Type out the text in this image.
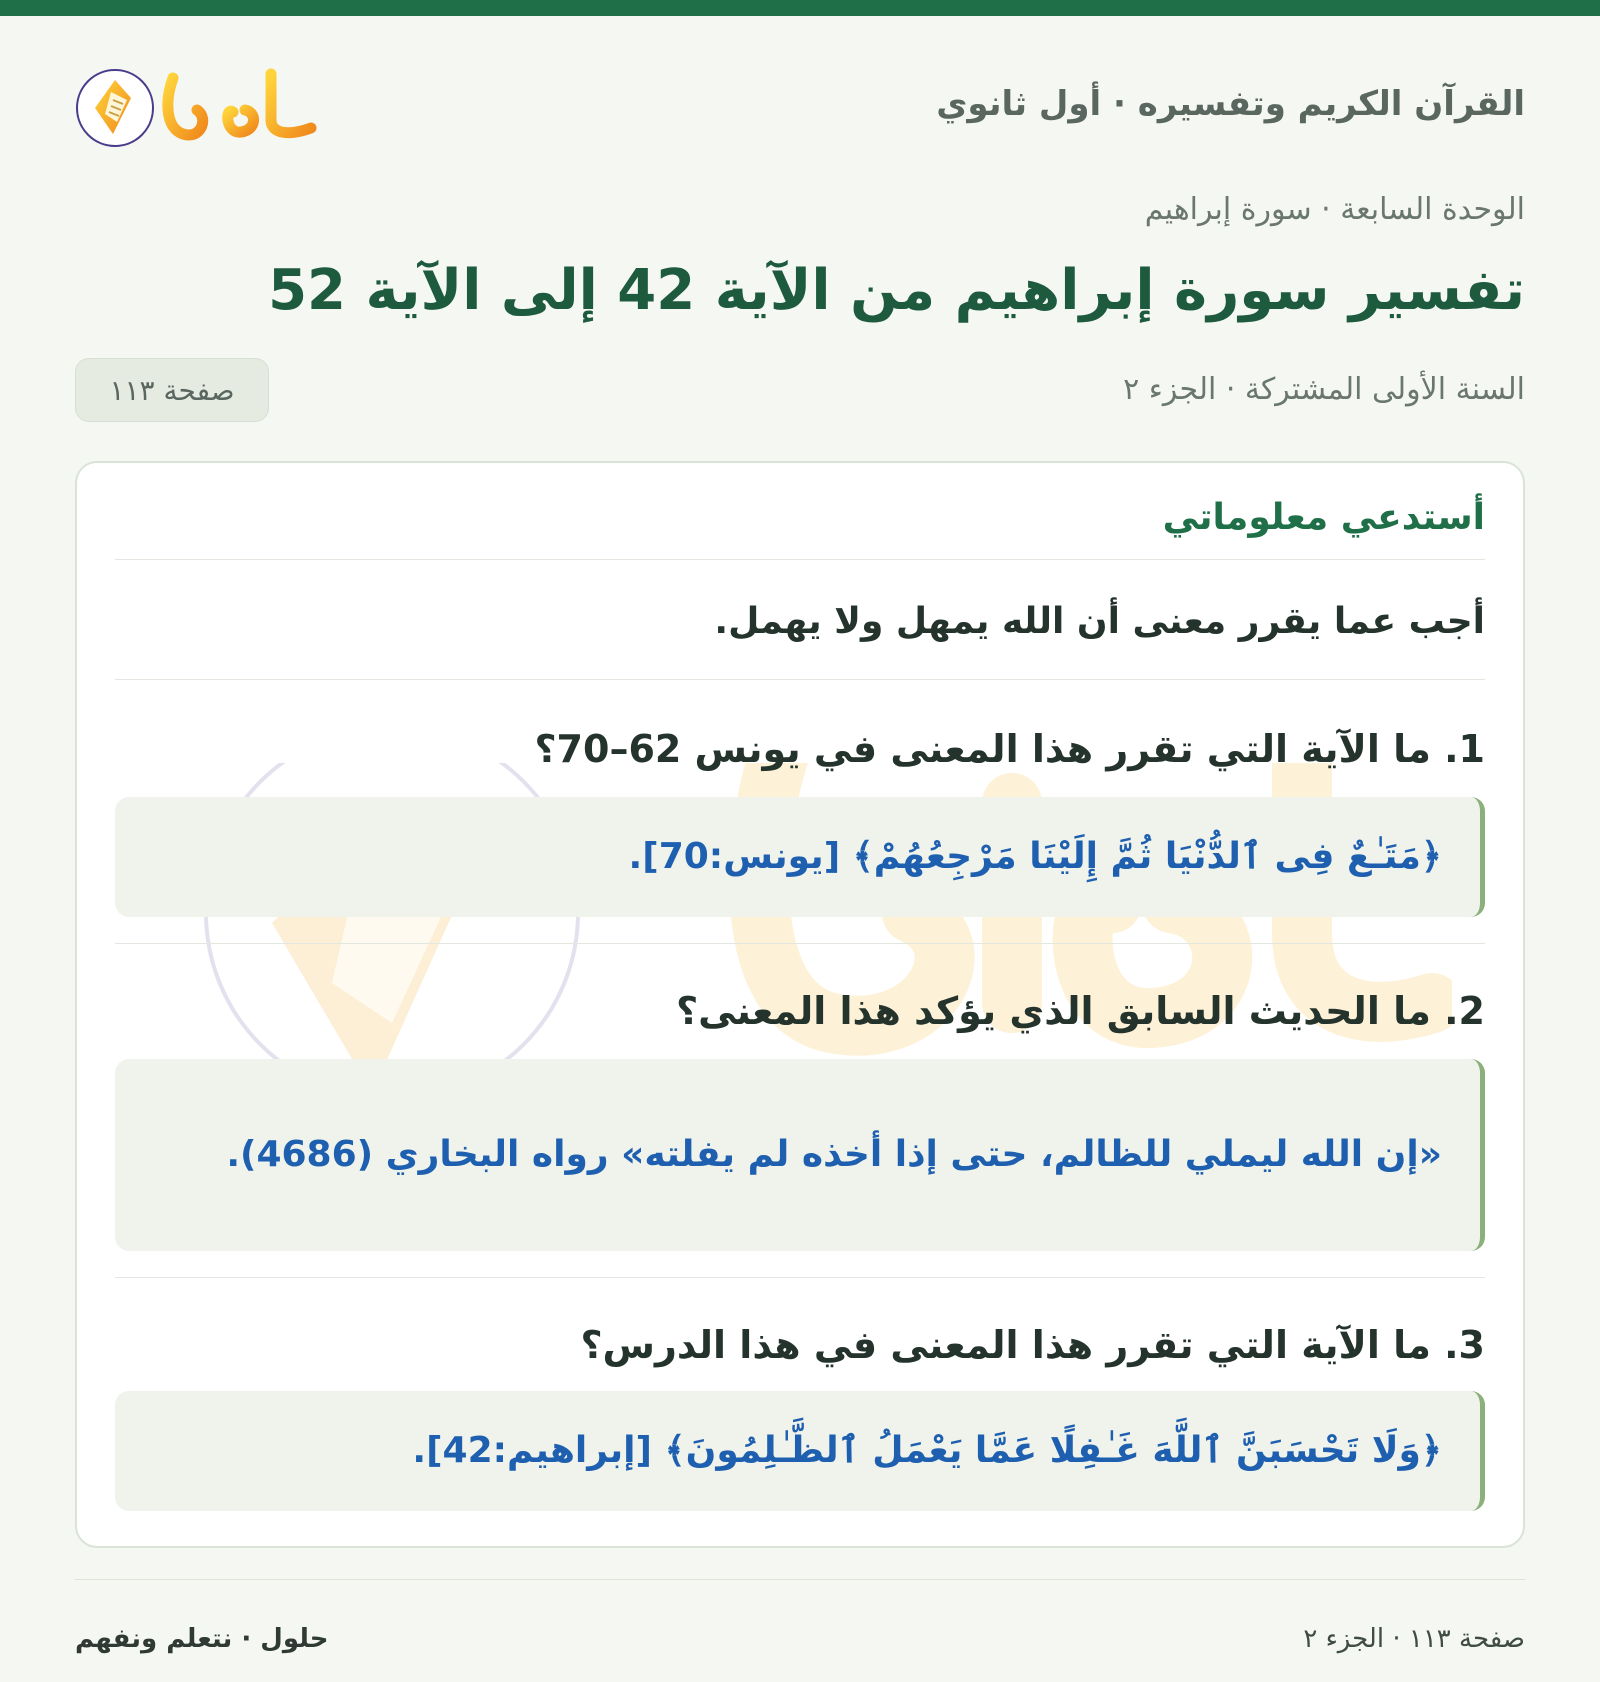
القرآن الكريم وتفسيره · أول ثانوي
الوحدة السابعة · سورة إبراهيم
تفسير سورة إبراهيم من الآية 42 إلى الآية 52
السنة الأولى المشتركة · الجزء ٢
صفحة ١١٣
أستدعي معلوماتي
أجب عما يقرر معنى أن الله يمهل ولا يهمل.
1. ما الآية التي تقرر هذا المعنى في يونس 62–70؟
﴿مَتَـٰعٌ فِى ٱلدُّنْيَا ثُمَّ إِلَيْنَا مَرْجِعُهُمْ﴾ [يونس:70].
2. ما الحديث السابق الذي يؤكد هذا المعنى؟
«إن الله ليملي للظالم، حتى إذا أخذه لم يفلته» رواه البخاري (4686).
3. ما الآية التي تقرر هذا المعنى في هذا الدرس؟
﴿وَلَا تَحْسَبَنَّ ٱللَّهَ غَـٰفِلًا عَمَّا يَعْمَلُ ٱلظَّـٰلِمُونَ﴾ [إبراهيم:42].
صفحة ١١٣ · الجزء ٢
حلول · نتعلم ونفهم
